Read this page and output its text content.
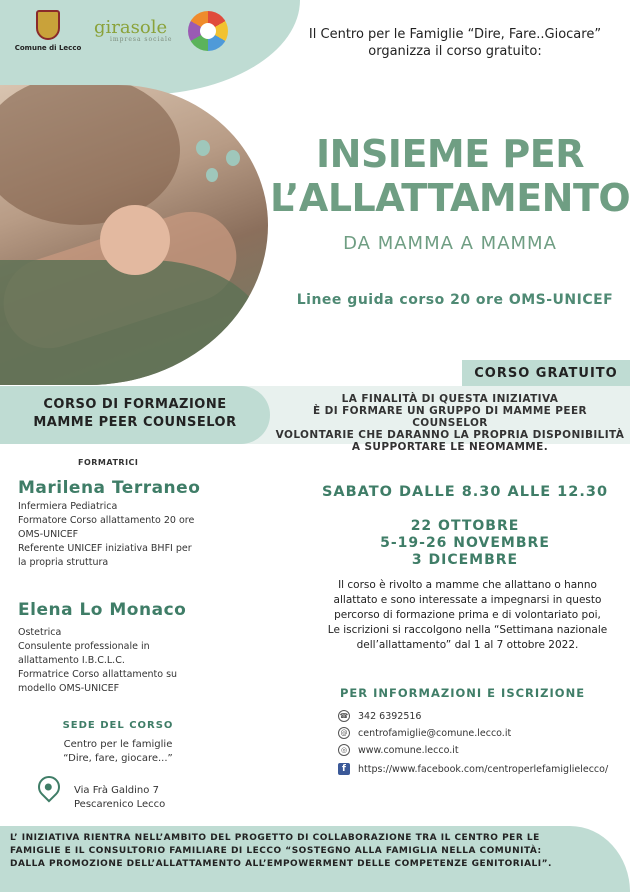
Comune di Lecco
girasole
impresa sociale	Il Centro per le Famiglie “Dire, Fare..Giocare”
organizza il corso gratuito:
INSIEME PER
L’ALLATTAMENTO
DA MAMMA A MAMMA
Linee guida corso 20 ore OMS-UNICEF
CORSO GRATUITO
CORSO DI FORMAZIONE
MAMME PEER COUNSELOR
LA FINALITÀ DI QUESTA INIZIATIVA
È DI FORMARE UN GRUPPO DI MAMME PEER COUNSELOR
VOLONTARIE CHE DARANNO LA PROPRIA DISPONIBILITÀ
A SUPPORTARE LE NEOMAMME.
FORMATRICI
Marilena Terraneo
Infermiera Pediatrica
Formatore Corso allattamento 20 ore
OMS-UNICEF
Referente UNICEF iniziativa BHFI per
la propria struttura
Elena Lo Monaco
Ostetrica
Consulente professionale in
allattamento I.B.C.L.C.
Formatrice Corso allattamento su
modello OMS-UNICEF
SEDE DEL CORSO
Centro per le famiglie
“Dire, fare, giocare...”
Via Frà Galdino 7
Pescarenico Lecco
SABATO DALLE 8.30 ALLE 12.30
22 OTTOBRE
5-19-26 NOVEMBRE
3 DICEMBRE
Il corso è rivolto a mamme che allattano o hanno
allattato e sono interessate a impegnarsi in questo
percorso di formazione prima e di volontariato poi,
Le iscrizioni si raccolgono nella “Settimana nazionale
dell’allattamento” dal 1 al 7 ottobre 2022.
PER INFORMAZIONI E ISCRIZIONE
☎ 342 6392516
@ centrofamiglie@comune.lecco.it
◎	www.comune.lecco.it
f	https://www.facebook.com/centroperlefamiglielecco/
L’ INIZIATIVA RIENTRA NELL’AMBITO DEL PROGETTO DI COLLABORAZIONE TRA IL CENTRO PER LE
FAMIGLIE E IL CONSULTORIO FAMILIARE DI LECCO “SOSTEGNO ALLA FAMIGLIA NELLA COMUNITÀ:
DALLA PROMOZIONE DELL’ALLATTAMENTO ALL’EMPOWERMENT DELLE COMPETENZE GENITORIALI”.
